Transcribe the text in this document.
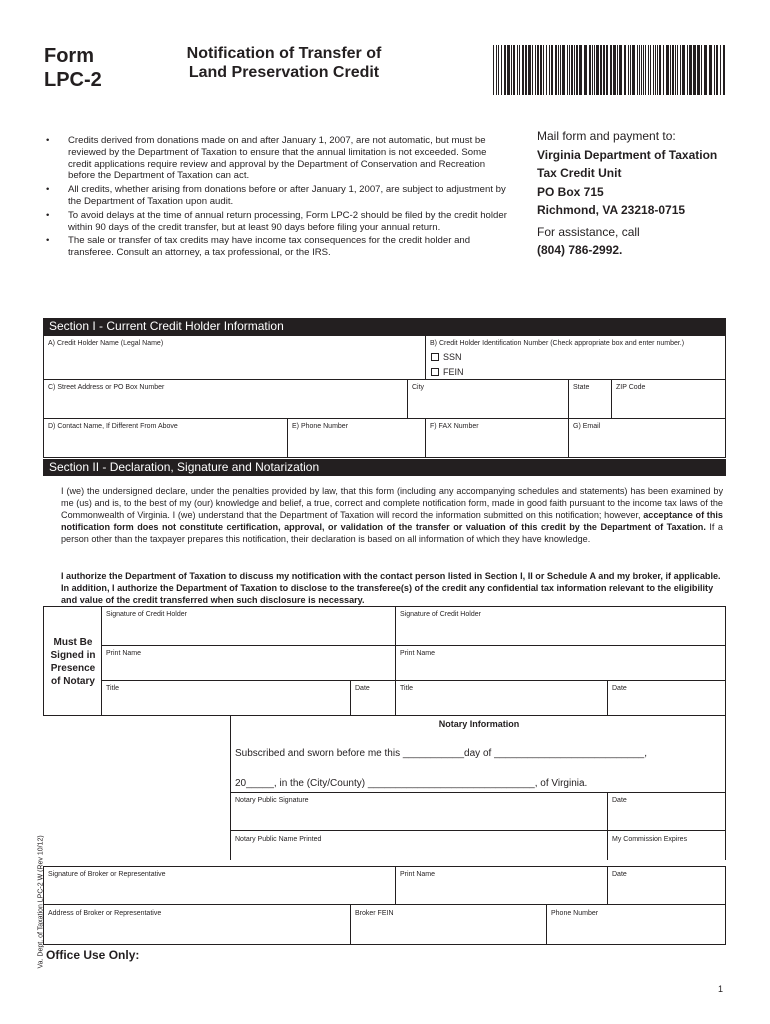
Form
LPC-2
Notification of Transfer of
Land Preservation Credit
• Credits derived from donations made on and after January 1, 2007, are not automatic, but must be reviewed by the Department of Taxation to ensure that the annual limitation is not exceeded. Some credit applications require review and approval by the Department of Conservation and Recreation before the Department of Taxation can act.
• All credits, whether arising from donations before or after January 1, 2007, are subject to adjustment by the Department of Taxation upon audit.
• To avoid delays at the time of annual return processing, Form LPC-2 should be filed by the credit holder within 90 days of the credit transfer, but at least 90 days before filing your annual return.
• The sale or transfer of tax credits may have income tax consequences for the credit holder and transferee. Consult an attorney, a tax professional, or the IRS.
Mail form and payment to:
Virginia Department of Taxation
Tax Credit Unit
PO Box 715
Richmond, VA 23218-0715
For assistance, call
(804) 786-2992.
Section I - Current Credit Holder Information
A) Credit Holder Name (Legal Name)	B) Credit Holder Identification Number (Check appropriate box and enter number.)
SSN
FEIN
C) Street Address or PO Box Number	City	State	ZIP Code
D) Contact Name, If Different From Above	E) Phone Number	F) FAX Number	G) Email
Section II - Declaration, Signature and Notarization
I (we) the undersigned declare, under the penalties provided by law, that this form (including any accompanying schedules and statements) has been examined by me (us) and is, to the best of my (our) knowledge and belief, a true, correct and complete notification form, made in good faith pursuant to the income tax laws of the Commonwealth of Virginia. I (we) understand that the Department of Taxation will record the information submitted on this notification; however, acceptance of this notification form does not constitute certification, approval, or validation of the transfer or valuation of this credit by the Department of Taxation. If a person other than the taxpayer prepares this notification, their declaration is based on all information of which they have knowledge.
I authorize the Department of Taxation to discuss my notification with the contact person listed in Section I, II or Schedule A and my broker, if applicable. In addition, I authorize the Department of Taxation to disclose to the transferee(s) of the credit any confidential tax information relevant to the eligibility and value of the credit transferred when such disclosure is necessary.
Must Be
Signed in
Presence
of Notary
Signature of Credit Holder	Signature of Credit Holder
Print Name	Print Name
Title	Date	Title	Date
Notary Information
Subscribed and sworn before me this ___________day of ___________________________,
20_____, in the (City/County) ______________________________, of Virginia.
Notary Public Signature	Date
Notary Public Name Printed	My Commission Expires
Signature of Broker or Representative	Print Name	Date
Address of Broker or Representative	Broker FEIN	Phone Number
Office Use Only:
1
Va. Dept. of Taxation LPC-2 W (Rev 10/12)
